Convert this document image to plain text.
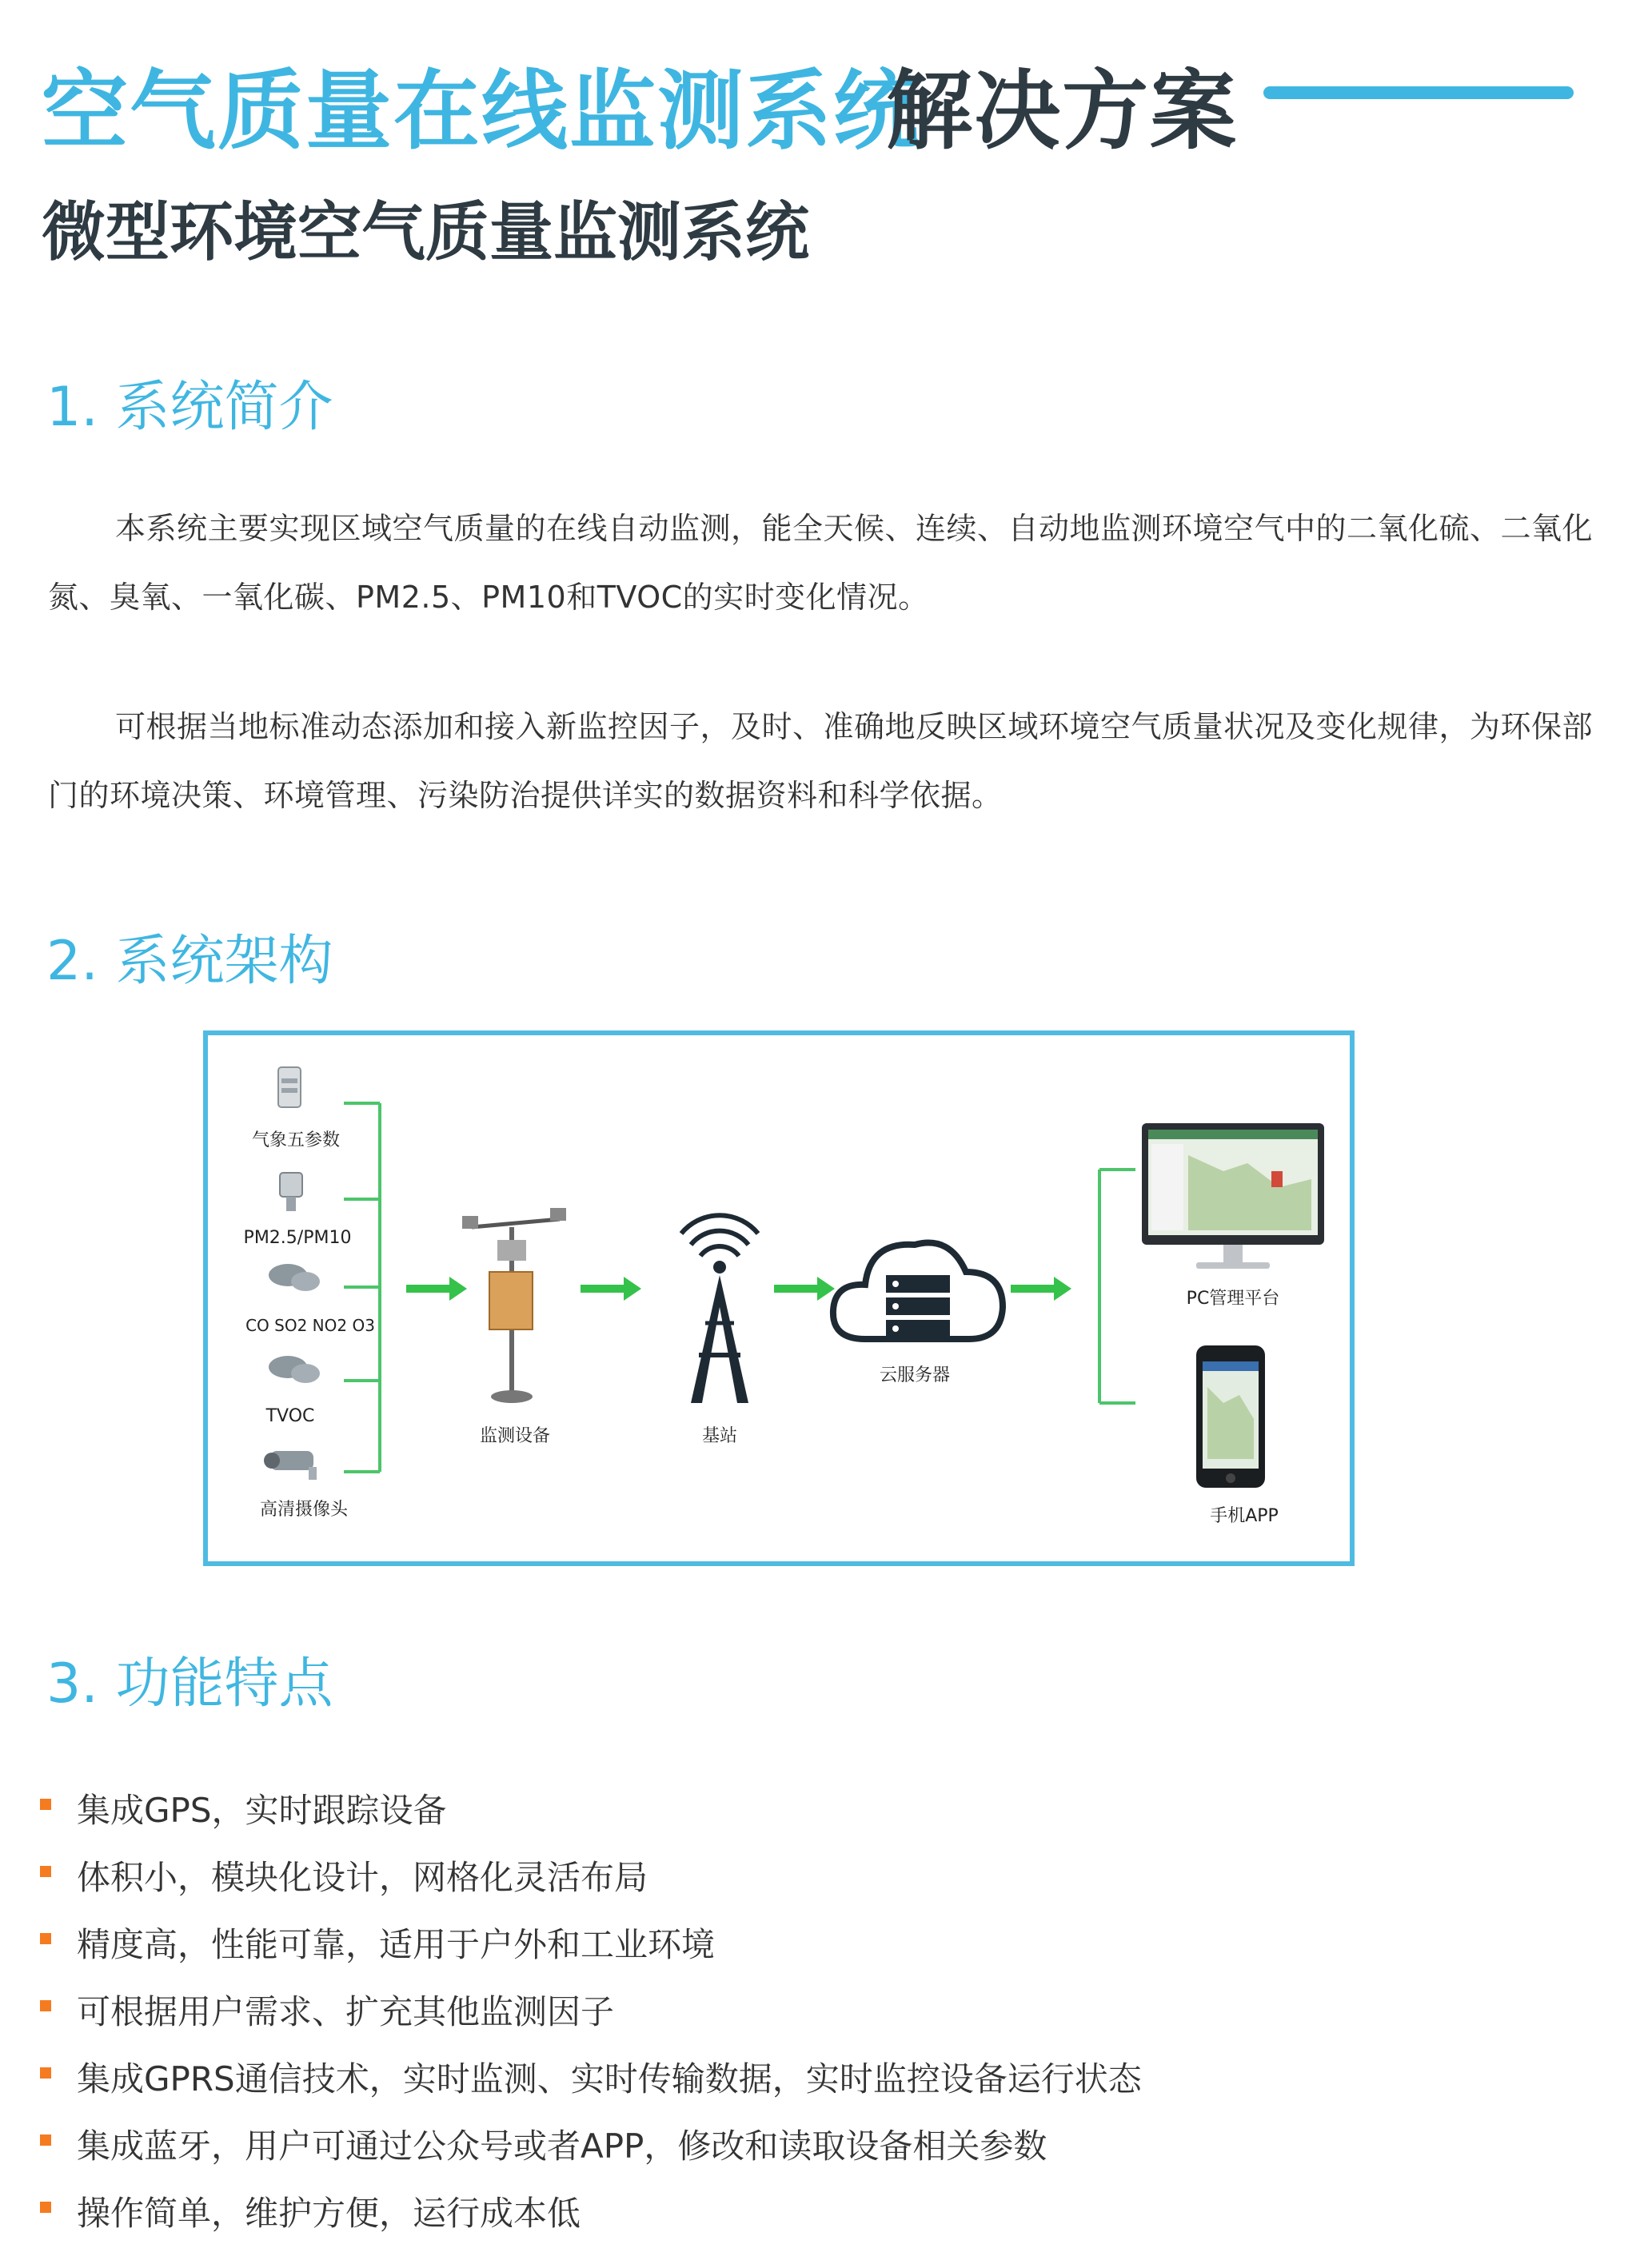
空气质量在线监测系统
解决方案
微型环境空气质量监测系统
1. 系统简介
本系统主要实现区域空气质量的在线自动监测，能全天候、连续、自动地监测环境空气中的二氧化硫、二氧化氮、臭氧、一氧化碳、PM2.5、PM10和TVOC的实时变化情况。
可根据当地标准动态添加和接入新监控因子，及时、准确地反映区域环境空气质量状况及变化规律，为环保部门的环境决策、环境管理、污染防治提供详实的数据资料和科学依据。
2. 系统架构
气象五参数
PM2.5/PM10
CO SO2 NO2 O3
TVOC
高清摄像头
监测设备	基站
云服务器
PC管理平台
手机APP
3. 功能特点
集成GPS，实时跟踪设备
体积小，模块化设计，网格化灵活布局
精度高，性能可靠，适用于户外和工业环境
可根据用户需求、扩充其他监测因子
集成GPRS通信技术，实时监测、实时传输数据，实时监控设备运行状态
集成蓝牙，用户可通过公众号或者APP，修改和读取设备相关参数
操作简单，维护方便，运行成本低
